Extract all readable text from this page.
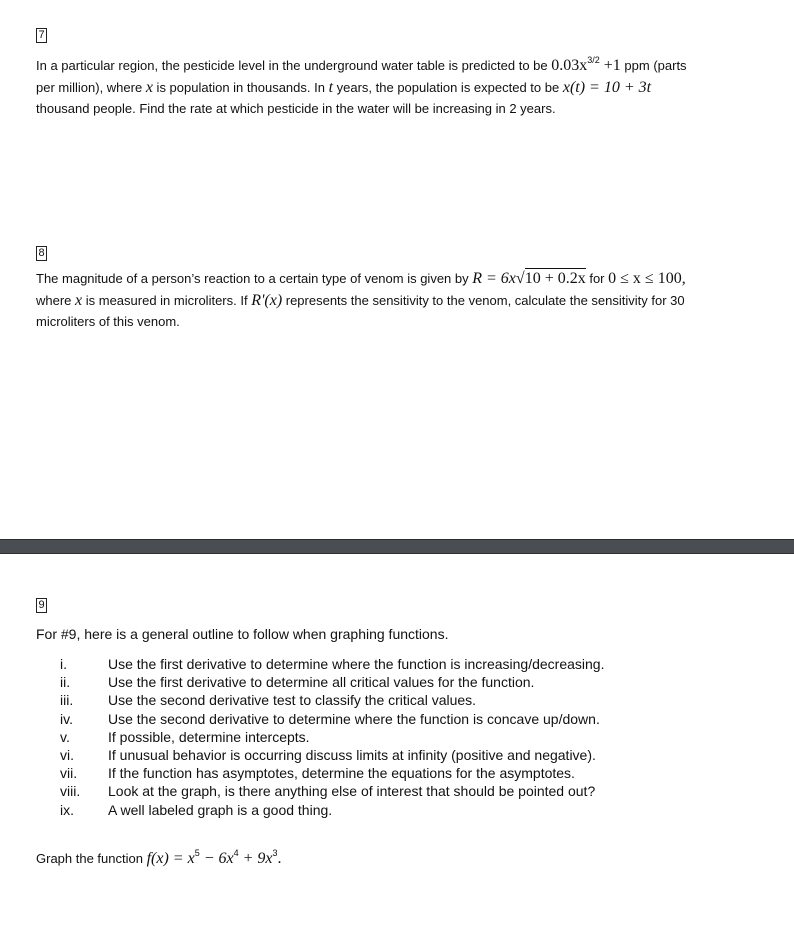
7
In a particular region, the pesticide level in the underground water table is predicted to be $0.03x^{3/2} +1$ ppm (parts
per million), where x is population in thousands. In t years, the population is expected to be x(t) = 10 + 3t
thousand people. Find the rate at which pesticide in the water will be increasing in 2 years.
8
The magnitude of a person’s reaction to a certain type of venom is given by R = 6x√10 + 0.2x for 0 ≤ x ≤ 100,
where x is measured in microliters. If R'(x) represents the sensitivity to the venom, calculate the sensitivity for 30
microliters of this venom.
9
For #9, here is a general outline to follow when graphing functions.
i.	Use the first derivative to determine where the function is increasing/decreasing.
ii.	Use the first derivative to determine all critical values for the function.
iii.	Use the second derivative test to classify the critical values.
iv.	Use the second derivative to determine where the function is concave up/down.
v.	If possible, determine intercepts.
vi.	If unusual behavior is occurring discuss limits at infinity (positive and negative).
vii.	If the function has asymptotes, determine the equations for the asymptotes.
viii.	Look at the graph, is there anything else of interest that should be pointed out?
ix.	A well labeled graph is a good thing.
Graph the function $f(x) = x^5 - 6x^4 + 9x^3$.
